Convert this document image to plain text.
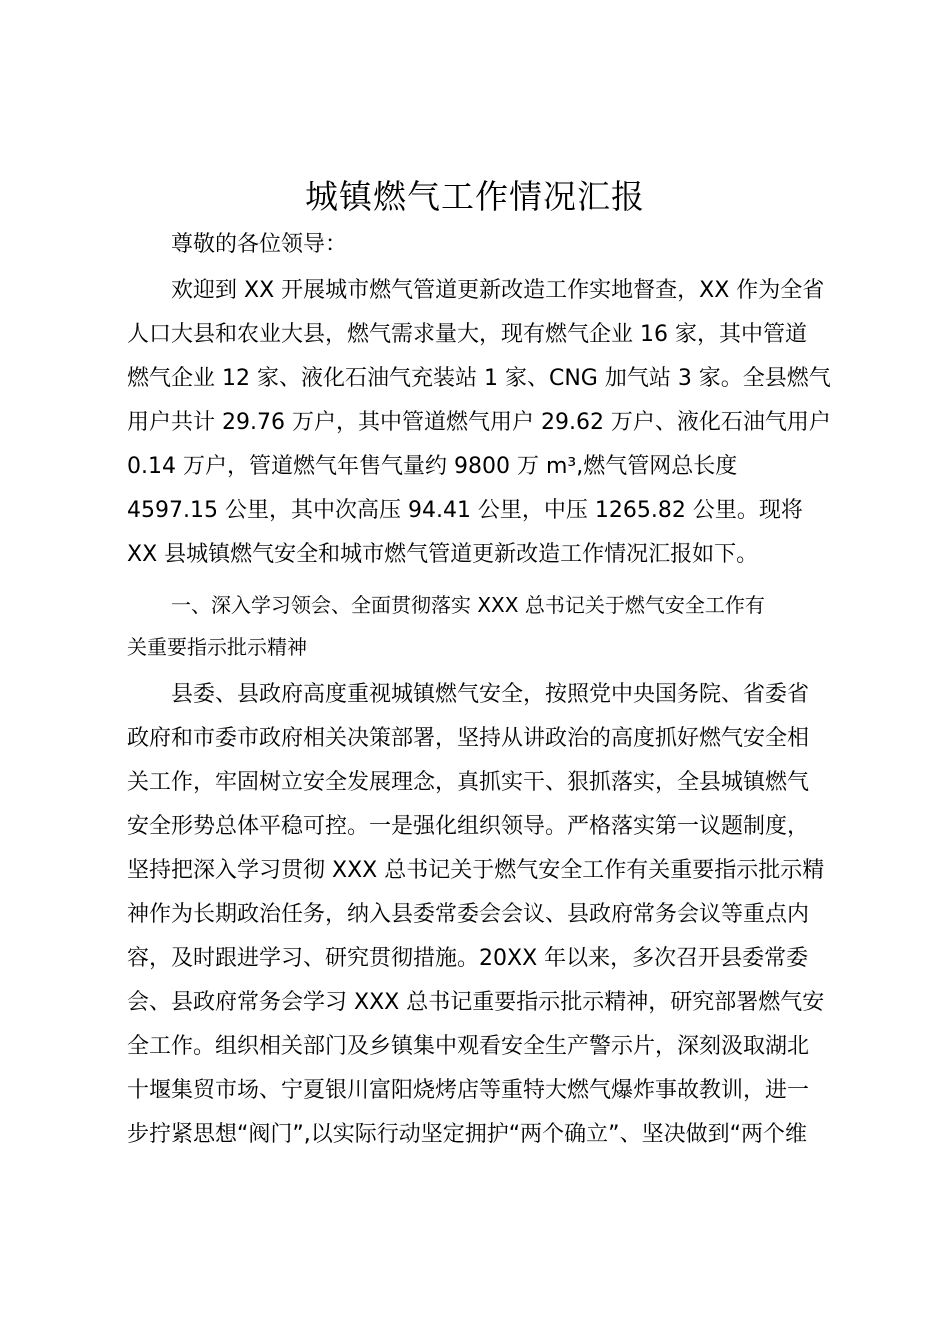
城镇燃气工作情况汇报
尊敬的各位领导：
欢迎到 XX 开展城市燃气管道更新改造工作实地督查，XX 作为全省
人口大县和农业大县，燃气需求量大，现有燃气企业 16 家，其中管道
燃气企业 12 家、液化石油气充装站 1 家、CNG 加气站 3 家。全县燃气
用户共计 29.76 万户，其中管道燃气用户 29.62 万户、液化石油气用户
0.14 万户，管道燃气年售气量约 9800 万 m³,燃气管网总长度
4597.15 公里，其中次高压 94.41 公里，中压 1265.82 公里。现将
XX 县城镇燃气安全和城市燃气管道更新改造工作情况汇报如下。
一、深入学习领会、全面贯彻落实 XXX 总书记关于燃气安全工作有
关重要指示批示精神
县委、县政府高度重视城镇燃气安全，按照党中央国务院、省委省
政府和市委市政府相关决策部署，坚持从讲政治的高度抓好燃气安全相
关工作，牢固树立安全发展理念，真抓实干、狠抓落实，全县城镇燃气
安全形势总体平稳可控。一是强化组织领导。严格落实第一议题制度，
坚持把深入学习贯彻 XXX 总书记关于燃气安全工作有关重要指示批示精
神作为长期政治任务，纳入县委常委会会议、县政府常务会议等重点内
容，及时跟进学习、研究贯彻措施。20XX 年以来，多次召开县委常委
会、县政府常务会学习 XXX 总书记重要指示批示精神，研究部署燃气安
全工作。组织相关部门及乡镇集中观看安全生产警示片，深刻汲取湖北
十堰集贸市场、宁夏银川富阳烧烤店等重特大燃气爆炸事故教训，进一
步拧紧思想“阀门”,以实际行动坚定拥护“两个确立”、坚决做到“两个维
